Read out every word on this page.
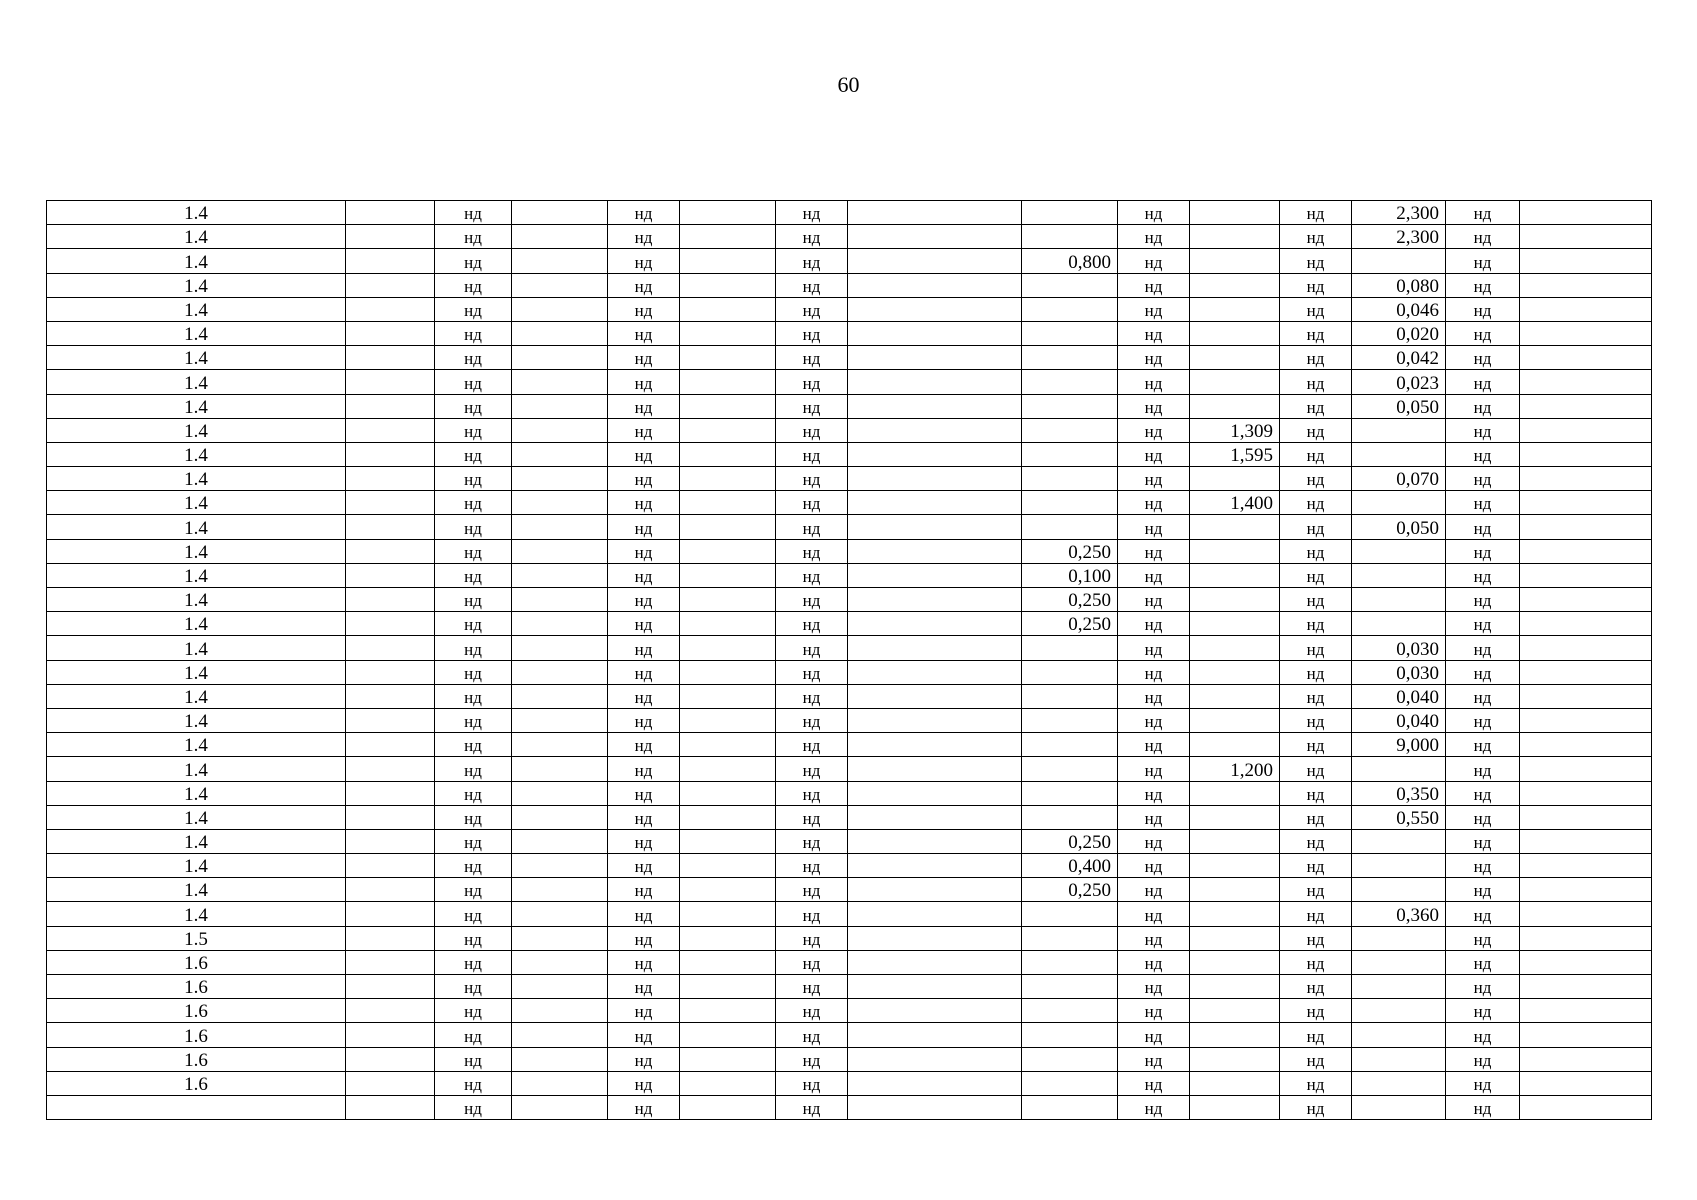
60
1.4		нд		нд		нд			нд		нд	2,300	нд	
1.4		нд		нд		нд			нд		нд	2,300	нд	
1.4		нд		нд		нд		0,800	нд		нд		нд	
1.4		нд		нд		нд			нд		нд	0,080	нд	
1.4		нд		нд		нд			нд		нд	0,046	нд	
1.4		нд		нд		нд			нд		нд	0,020	нд	
1.4		нд		нд		нд			нд		нд	0,042	нд	
1.4		нд		нд		нд			нд		нд	0,023	нд	
1.4		нд		нд		нд			нд		нд	0,050	нд	
1.4		нд		нд		нд			нд	1,309	нд		нд	
1.4		нд		нд		нд			нд	1,595	нд		нд	
1.4		нд		нд		нд			нд		нд	0,070	нд	
1.4		нд		нд		нд			нд	1,400	нд		нд	
1.4		нд		нд		нд			нд		нд	0,050	нд	
1.4		нд		нд		нд		0,250	нд		нд		нд	
1.4		нд		нд		нд		0,100	нд		нд		нд	
1.4		нд		нд		нд		0,250	нд		нд		нд	
1.4		нд		нд		нд		0,250	нд		нд		нд	
1.4		нд		нд		нд			нд		нд	0,030	нд	
1.4		нд		нд		нд			нд		нд	0,030	нд	
1.4		нд		нд		нд			нд		нд	0,040	нд	
1.4		нд		нд		нд			нд		нд	0,040	нд	
1.4		нд		нд		нд			нд		нд	9,000	нд	
1.4		нд		нд		нд			нд	1,200	нд		нд	
1.4		нд		нд		нд			нд		нд	0,350	нд	
1.4		нд		нд		нд			нд		нд	0,550	нд	
1.4		нд		нд		нд		0,250	нд		нд		нд	
1.4		нд		нд		нд		0,400	нд		нд		нд	
1.4		нд		нд		нд		0,250	нд		нд		нд	
1.4		нд		нд		нд			нд		нд	0,360	нд	
1.5		нд		нд		нд			нд		нд		нд	
1.6		нд		нд		нд			нд		нд		нд	
1.6		нд		нд		нд			нд		нд		нд	
1.6		нд		нд		нд			нд		нд		нд	
1.6		нд		нд		нд			нд		нд		нд	
1.6		нд		нд		нд			нд		нд		нд	
1.6		нд		нд		нд			нд		нд		нд	
		нд		нд		нд			нд		нд		нд	
